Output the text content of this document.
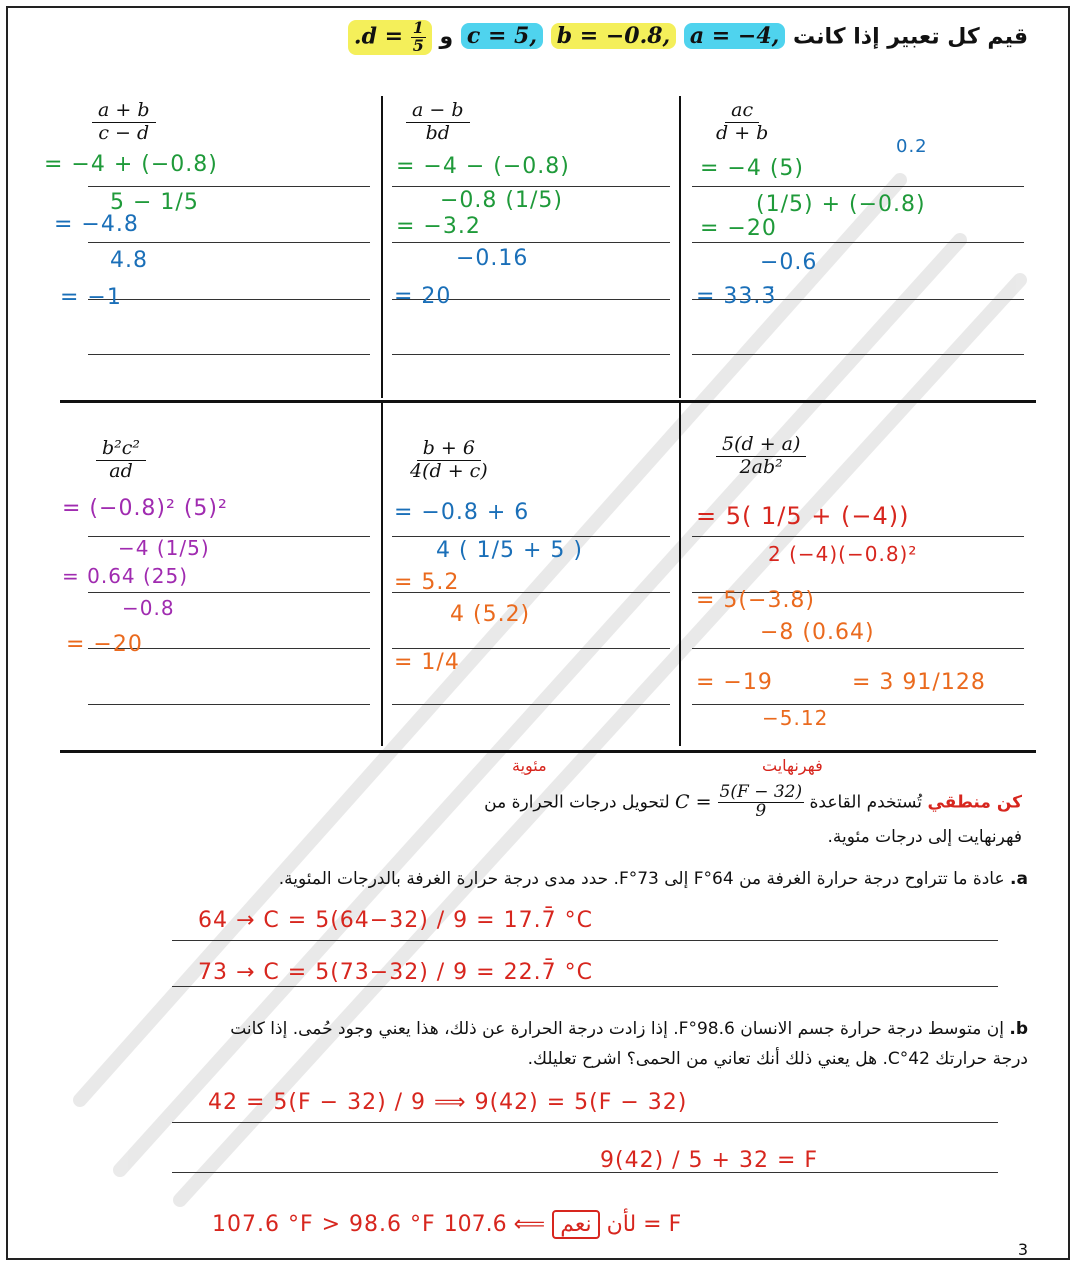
قيم كل تعبير إذا كانت a = −4, b = −0.8, c = 5, و $.d = \frac{1}{5}$
$\frac{a + b}{c - d}$
= −4 + (−0.8)
5 − 1/5
= −4.8
4.8
= −1
$\frac{a - b}{bd}$
= −4 − (−0.8)
−0.8 (1/5)
= −3.2
−0.16
= 20
$\frac{ac}{d + b}$
= −4 (5)
(1/5) + (−0.8)
0.2
= −20
−0.6
= 33.3̄
$\frac{\text{b²c²}}{ad}$
= (−0.8)² (5)²
−4 (1/5)
= 0.64 (25)
−0.8
= −20
$\frac{b + 6}{4(d + c)}$
= −0.8 + 6
4 ( 1/5 + 5 )
= 5.2
4 (5.2)
= 1/4
$\frac{5(d + a)}{\text{2ab²}}$
= 5( 1/5 + (−4))
2 (−4)(−0.8)²
= 5(−3.8)
−8 (0.64)
= −19
−5.12
= 3 91/128
مئوية	فهرنهايت
كن منطقي تُستخدم القاعدة
$C = \frac{5(F - 32)}{9}$
لتحويل درجات الحرارة من
فهرنهايت إلى درجات مئوية.
a. عادة ما تتراوح درجة حرارة الغرفة من 64°F إلى 73°F. حدد مدى درجة حرارة الغرفة بالدرجات المئوية.
64 → C = 5(64−32) / 9 = 17.7̄ °C
73 → C = 5(73−32) / 9 = 22.7̄ °C
b. إن متوسط درجة حرارة جسم الانسان 98.6°F. إذا زادت درجة الحرارة عن ذلك، هذا يعني وجود حُمى. إذا كانت درجة حرارتك 42°C. هل يعني ذلك أنك تعاني من الحمى؟ اشرح تعليلك.
42 = 5(F − 32) / 9 ⟹ 9(42) = 5(F − 32)
9(42) / 5 + 32 = F
107.6 °F > 98.6 °F لأن نعم ⟸ 107.6 = F
3
